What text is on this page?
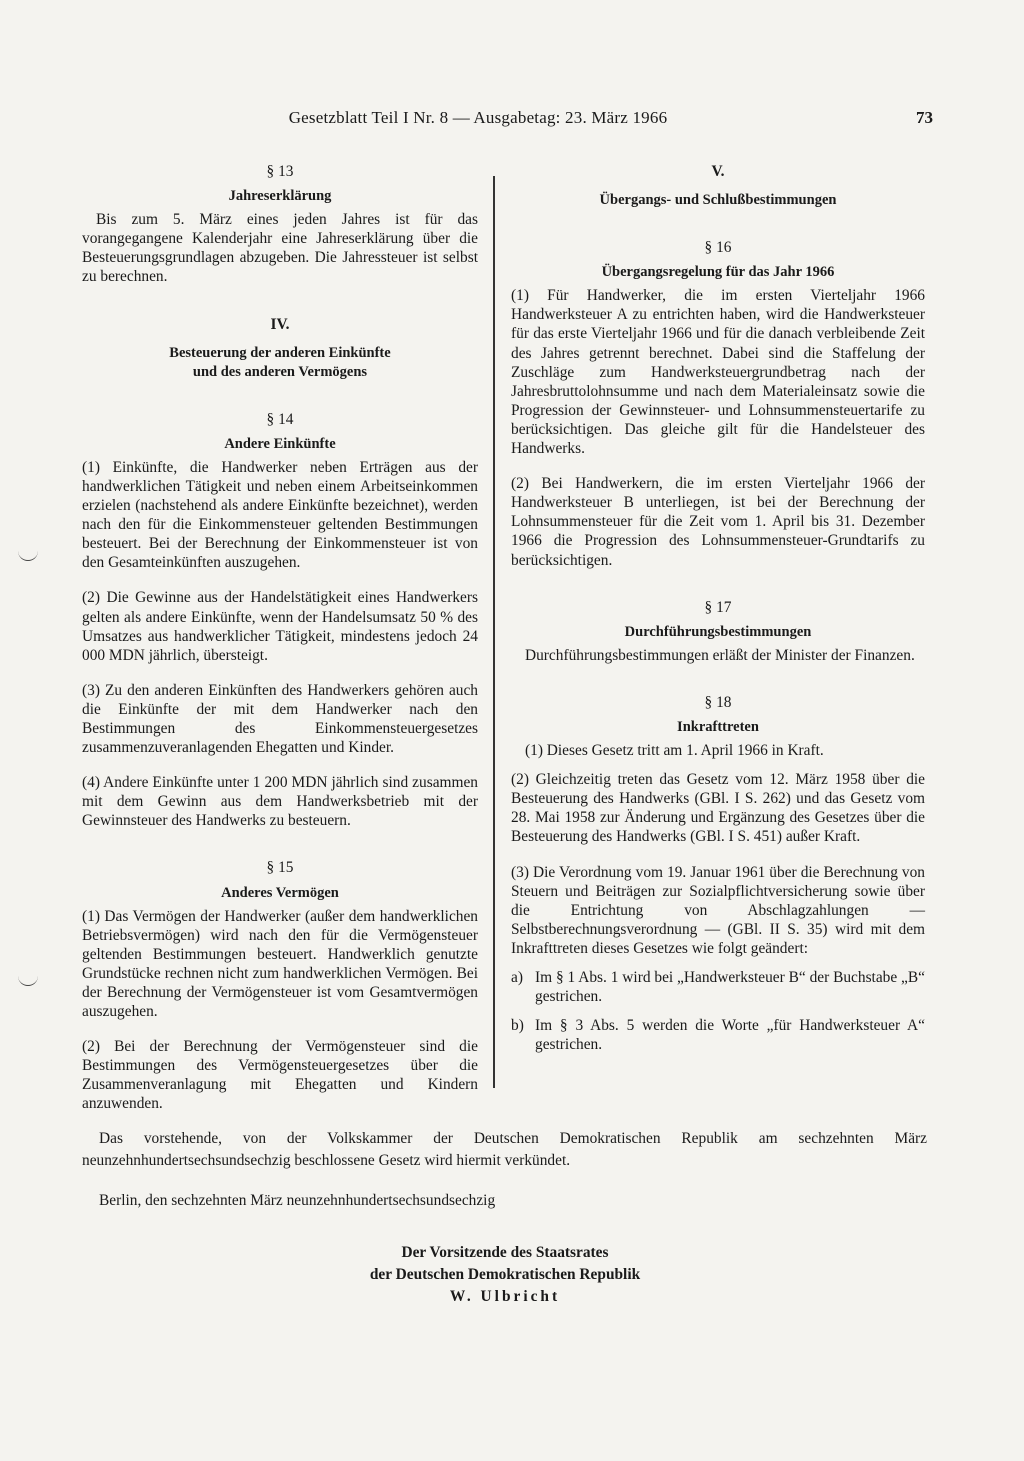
Gesetzblatt Teil I Nr. 8 — Ausgabetag: 23. März 1966	73
§ 13
Jahreserklärung

Bis zum 5. März eines jeden Jahres ist für das vorangegangene Kalenderjahr eine Jahreserklärung über die Besteuerungsgrundlagen abzugeben. Die Jahressteuer ist selbst zu berechnen.

IV.
Besteuerung der anderen Einkünfte
und des anderen Vermögens
§ 14
Andere Einkünfte

(1) Einkünfte, die Handwerker neben Erträgen aus der handwerklichen Tätigkeit und neben einem Arbeitseinkommen erzielen (nachstehend als andere Einkünfte bezeichnet), werden nach den für die Einkommensteuer geltenden Bestimmungen besteuert. Bei der Berechnung der Einkommensteuer ist von den Gesamteinkünften auszugehen.

(2) Die Gewinne aus der Handelstätigkeit eines Handwerkers gelten als andere Einkünfte, wenn der Handelsumsatz 50 % des Umsatzes aus handwerklicher Tätigkeit, mindestens jedoch 24 000 MDN jährlich, übersteigt.

(3) Zu den anderen Einkünften des Handwerkers gehören auch die Einkünfte der mit dem Handwerker nach den Bestimmungen des Einkommensteuergesetzes zusammenzuveranlagenden Ehegatten und Kinder.

(4) Andere Einkünfte unter 1 200 MDN jährlich sind zusammen mit dem Gewinn aus dem Handwerksbetrieb mit der Gewinnsteuer des Handwerks zu besteuern.

§ 15
Anderes Vermögen

(1) Das Vermögen der Handwerker (außer dem handwerklichen Betriebsvermögen) wird nach den für die Vermögensteuer geltenden Bestimmungen besteuert. Handwerklich genutzte Grundstücke rechnen nicht zum handwerklichen Vermögen. Bei der Berechnung der Vermögensteuer ist vom Gesamtvermögen auszugehen.

(2) Bei der Berechnung der Vermögensteuer sind die Bestimmungen des Vermögensteuergesetzes über die Zusammenveranlagung mit Ehegatten und Kindern anzuwenden.

V.
Übergangs- und Schlußbestimmungen
§ 16
Übergangsregelung für das Jahr 1966

(1) Für Handwerker, die im ersten Vierteljahr 1966 Handwerksteuer A zu entrichten haben, wird die Handwerksteuer für das erste Vierteljahr 1966 und für die danach verbleibende Zeit des Jahres getrennt berechnet. Dabei sind die Staffelung der Zuschläge zum Handwerksteuergrundbetrag nach der Jahresbruttolohnsumme und nach dem Materialeinsatz sowie die Progression der Gewinnsteuer- und Lohnsummensteuertarife zu berücksichtigen. Das gleiche gilt für die Handelsteuer des Handwerks.

(2) Bei Handwerkern, die im ersten Vierteljahr 1966 der Handwerksteuer B unterliegen, ist bei der Berechnung der Lohnsummensteuer für die Zeit vom 1. April bis 31. Dezember 1966 die Progression des Lohnsummensteuer-Grundtarifs zu berücksichtigen.

§ 17
Durchführungsbestimmungen

Durchführungsbestimmungen erläßt der Minister der Finanzen.

§ 18
Inkrafttreten

(1) Dieses Gesetz tritt am 1. April 1966 in Kraft.

(2) Gleichzeitig treten das Gesetz vom 12. März 1958 über die Besteuerung des Handwerks (GBl. I S. 262) und das Gesetz vom 28. Mai 1958 zur Änderung und Ergänzung des Gesetzes über die Besteuerung des Handwerks (GBl. I S. 451) außer Kraft.

(3) Die Verordnung vom 19. Januar 1961 über die Berechnung von Steuern und Beiträgen zur Sozialpflichtversicherung sowie über die Entrichtung von Abschlagzahlungen — Selbstberechnungsverordnung — (GBl. II S. 35) wird mit dem Inkrafttreten dieses Gesetzes wie folgt geändert:

a) Im § 1 Abs. 1 wird bei „Handwerksteuer B“ der Buchstabe „B“ gestrichen.
b) Im § 3 Abs. 5 werden die Worte „für Handwerksteuer A“ gestrichen.

Das vorstehende, von der Volkskammer der Deutschen Demokratischen Republik am sechzehnten März neunzehnhundertsechsundsechzig beschlossene Gesetz wird hiermit verkündet.

Berlin, den sechzehnten März neunzehnhundertsechsundsechzig

Der Vorsitzende des Staatsrates
der Deutschen Demokratischen Republik
W. Ulbricht
